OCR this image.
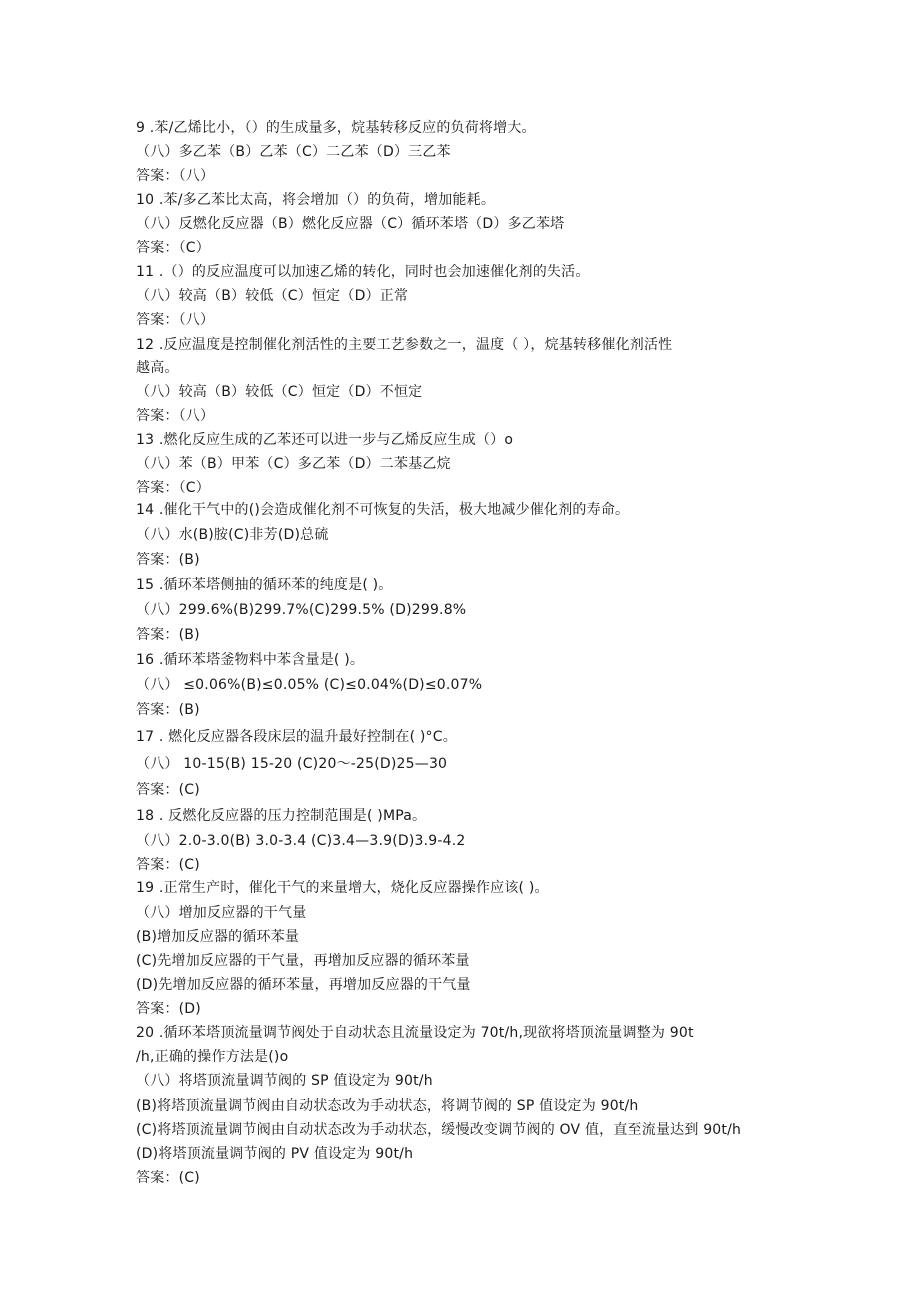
9 .苯/乙烯比小，（）的生成量多，烷基转移反应的负荷将增大。
（八）多乙苯（B）乙苯（C）二乙苯（D）三乙苯
答案：（八）
10 .苯/多乙苯比太高，将会增加（）的负荷，增加能耗。
（八）反燃化反应器（B）燃化反应器（C）循环苯塔（D）多乙苯塔
答案：（C）
11 .（）的反应温度可以加速乙烯的转化，同时也会加速催化剂的失活。
（八）较高（B）较低（C）恒定（D）正常
答案：（八）
12 .反应温度是控制催化剂活性的主要工艺参数之一，温度（ ），烷基转移催化剂活性
越高。
（八）较高（B）较低（C）恒定（D）不恒定
答案：（八）
13 .燃化反应生成的乙苯还可以进一步与乙烯反应生成（）o
（八）苯（B）甲苯（C）多乙苯（D）二苯基乙烷
答案：（C）
14 .催化干气中的()会造成催化剂不可恢复的失活，极大地减少催化剂的寿命。
（八）水(B)胺(C)非芳(D)总硫
答案：(B)
15 .循环苯塔侧抽的循环苯的纯度是( )。
（八）299.6%(B)299.7%(C)299.5% (D)299.8%
答案：(B)
16 .循环苯塔釜物料中苯含量是( )。
（八） ≤0.06%(B)≤0.05% (C)≤0.04%(D)≤0.07%
答案：(B)
17 . 燃化反应器各段床层的温升最好控制在( )°C。
（八） 10-15(B) 15-20 (C)20～-25(D)25—30
答案：(C)
18 . 反燃化反应器的压力控制范围是( )MPa。
（八）2.0-3.0(B) 3.0-3.4 (C)3.4—3.9(D)3.9-4.2
答案：(C)
19 .正常生产时，催化干气的来量增大，烧化反应器操作应该( )。
（八）增加反应器的干气量
(B)增加反应器的循环苯量
(C)先增加反应器的干气量，再增加反应器的循环苯量
(D)先增加反应器的循环苯量，再增加反应器的干气量
答案：(D)
20 .循环苯塔顶流量调节阀处于自动状态且流量设定为 70t/h,现欲将塔顶流量调整为 90t
/h,正确的操作方法是()o
（八）将塔顶流量调节阀的 SP 值设定为 90t/h
(B)将塔顶流量调节阀由自动状态改为手动状态，将调节阀的 SP 值设定为 90t/h
(C)将塔顶流量调节阀由自动状态改为手动状态，缓慢改变调节阀的 OV 值，直至流量达到 90t/h
(D)将塔顶流量调节阀的 PV 值设定为 90t/h
答案：(C)
